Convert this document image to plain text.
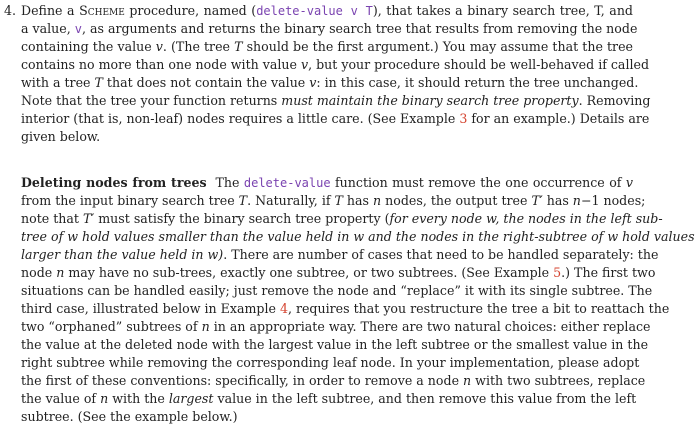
4. Define a Scheme procedure, named (delete-value v T), that takes a binary search tree, T, and
a value, v, as arguments and returns the binary search tree that results from removing the node
containing the value v. (The tree T should be the first argument.) You may assume that the tree
contains no more than one node with value v, but your procedure should be well-behaved if called
with a tree T that does not contain the value v: in this case, it should return the tree unchanged.
Note that the tree your function returns must maintain the binary search tree property. Removing
interior (that is, non-leaf) nodes requires a little care. (See Example 3 for an example.) Details are
given below.
Deleting nodes from trees  The delete-value function must remove the one occurrence of v
from the input binary search tree T. Naturally, if T has n nodes, the output tree T′ has n−1 nodes;
note that T′ must satisfy the binary search tree property (for every node w, the nodes in the left sub-
tree of w hold values smaller than the value held in w and the nodes in the right-subtree of w hold values
larger than the value held in w). There are number of cases that need to be handled separately: the
node n may have no sub-trees, exactly one subtree, or two subtrees. (See Example 5.) The first two
situations can be handled easily; just remove the node and “replace” it with its single subtree. The
third case, illustrated below in Example 4, requires that you restructure the tree a bit to reattach the
two “orphaned” subtrees of n in an appropriate way. There are two natural choices: either replace
the value at the deleted node with the largest value in the left subtree or the smallest value in the
right subtree while removing the corresponding leaf node. In your implementation, please adopt
the first of these conventions: specifically, in order to remove a node n with two subtrees, replace
the value of n with the largest value in the left subtree, and then remove this value from the left
subtree. (See the example below.)
